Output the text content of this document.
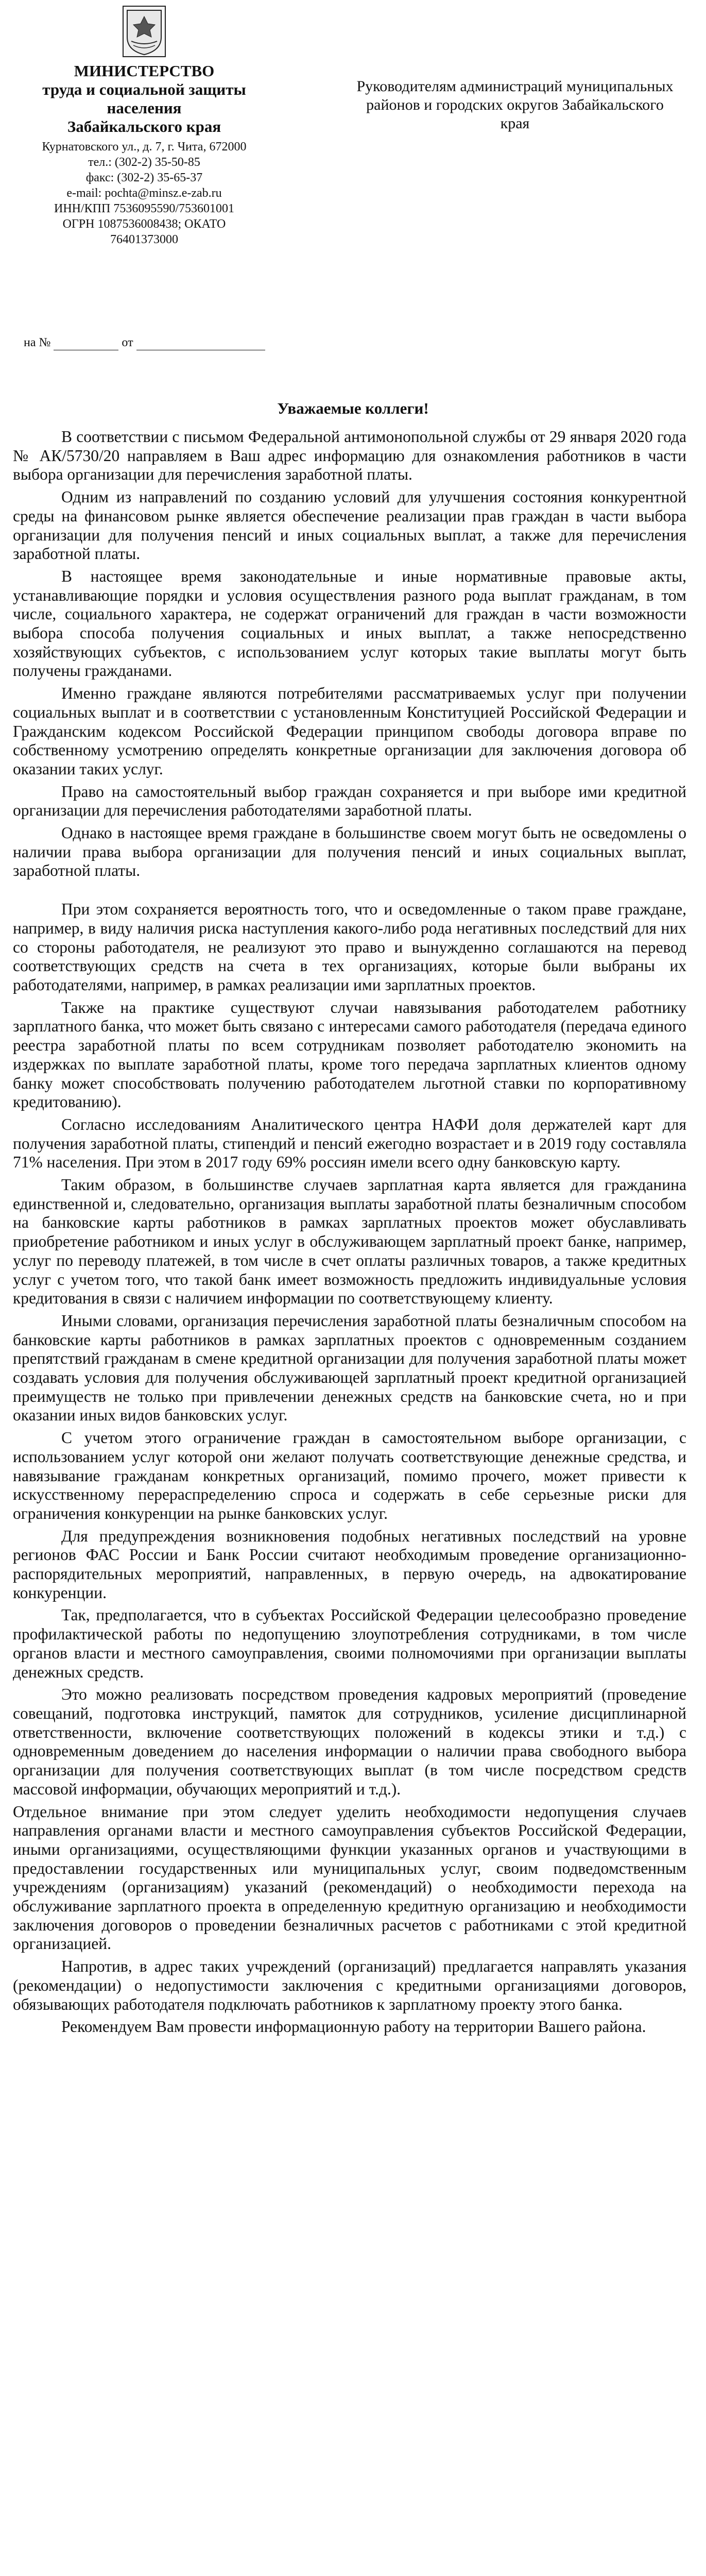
МИНИСТЕРСТВО
труда и социальной защиты
населения
Забайкальского края
Курнатовского ул., д. 7, г. Чита, 672000
тел.: (302-2) 35-50-85
факс: (302-2) 35-65-37
e-mail: pochta@minsz.e-zab.ru
ИНН/КПП 7536095590/753601001
ОГРН 1087536008438; ОКАТО 76401373000
Руководителям администраций муниципальных районов и городских округов Забайкальского края
на №	от
Уважаемые коллеги!

В соответствии с письмом Федеральной антимонопольной службы от 29 января 2020 года № АК/5730/20 направляем в Ваш адрес информацию для ознакомления работников в части выбора организации для перечисления заработной платы.

Одним из направлений по созданию условий для улучшения состояния конкурентной среды на финансовом рынке является обеспечение реализации прав граждан в части выбора организации для получения пенсий и иных социальных выплат, а также для перечисления заработной платы.

В настоящее время законодательные и иные нормативные правовые акты, устанавливающие порядки и условия осуществления разного рода выплат гражданам, в том числе, социального характера, не содержат ограничений для граждан в части возможности выбора способа получения социальных и иных выплат, а также непосредственно хозяйствующих субъектов, с использованием услуг которых такие выплаты могут быть получены гражданами.

Именно граждане являются потребителями рассматриваемых услуг при получении социальных выплат и в соответствии с установленным Конституцией Российской Федерации и Гражданским кодексом Российской Федерации принципом свободы договора вправе по собственному усмотрению определять конкретные организации для заключения договора об оказании таких услуг.

Право на самостоятельный выбор граждан сохраняется и при выборе ими кредитной организации для перечисления работодателями заработной платы.

Однако в настоящее время граждане в большинстве своем могут быть не осведомлены о наличии права выбора организации для получения пенсий и иных социальных выплат, заработной платы.

При этом сохраняется вероятность того, что и осведомленные о таком праве граждане, например, в виду наличия риска наступления какого-либо рода негативных последствий для них со стороны работодателя, не реализуют это право и вынужденно соглашаются на перевод соответствующих средств на счета в тех организациях, которые были выбраны их работодателями, например, в рамках реализации ими зарплатных проектов.

Также на практике существуют случаи навязывания работодателем работнику зарплатного банка, что может быть связано с интересами самого работодателя (передача единого реестра заработной платы по всем сотрудникам позволяет работодателю экономить на издержках по выплате заработной платы, кроме того передача зарплатных клиентов одному банку может способствовать получению работодателем льготной ставки по корпоративному кредитованию).

Согласно исследованиям Аналитического центра НАФИ доля держателей карт для получения заработной платы, стипендий и пенсий ежегодно возрастает и в 2019 году составляла 71% населения. При этом в 2017 году 69% россиян имели всего одну банковскую карту.

Таким образом, в большинстве случаев зарплатная карта является для гражданина единственной и, следовательно, организация выплаты заработной платы безналичным способом на банковские карты работников в рамках зарплатных проектов может обуславливать приобретение работником и иных услуг в обслуживающем зарплатный проект банке, например, услуг по переводу платежей, в том числе в счет оплаты различных товаров, а также кредитных услуг с учетом того, что такой банк имеет возможность предложить индивидуальные условия кредитования в связи с наличием информации по соответствующему клиенту.

Иными словами, организация перечисления заработной платы безналичным способом на банковские карты работников в рамках зарплатных проектов с одновременным созданием препятствий гражданам в смене кредитной организации для получения заработной платы может создавать условия для получения обслуживающей зарплатный проект кредитной организацией преимуществ не только при привлечении денежных средств на банковские счета, но и при оказании иных видов банковских услуг.

С учетом этого ограничение граждан в самостоятельном выборе организации, с использованием услуг которой они желают получать соответствующие денежные средства, и навязывание гражданам конкретных организаций, помимо прочего, может привести к искусственному перераспределению спроса и содержать в себе серьезные риски для ограничения конкуренции на рынке банковских услуг.

Для предупреждения возникновения подобных негативных последствий на уровне регионов ФАС России и Банк России считают необходимым проведение организационно-распорядительных мероприятий, направленных, в первую очередь, на адвокатирование конкуренции.

Так, предполагается, что в субъектах Российской Федерации целесообразно проведение профилактической работы по недопущению злоупотребления сотрудниками, в том числе органов власти и местного самоуправления, своими полномочиями при организации выплаты денежных средств.

Это можно реализовать посредством проведения кадровых мероприятий (проведение совещаний, подготовка инструкций, памяток для сотрудников, усиление дисциплинарной ответственности, включение соответствующих положений в кодексы этики и т.д.) с одновременным доведением до населения информации о наличии права свободного выбора организации для получения соответствующих выплат (в том числе посредством средств массовой информации, обучающих мероприятий и т.д.).

Отдельное внимание при этом следует уделить необходимости недопущения случаев направления органами власти и местного самоуправления субъектов Российской Федерации, иными организациями, осуществляющими функции указанных органов и участвующими в предоставлении государственных или муниципальных услуг, своим подведомственным учреждениям (организациям) указаний (рекомендаций) о необходимости перехода на обслуживание зарплатного проекта в определенную кредитную организацию и необходимости заключения договоров о проведении безналичных расчетов с работниками с этой кредитной организацией.

Напротив, в адрес таких учреждений (организаций) предлагается направлять указания (рекомендации) о недопустимости заключения с кредитными организациями договоров, обязывающих работодателя подключать работников к зарплатному проекту этого банка.

Рекомендуем Вам провести информационную работу на территории Вашего района.
